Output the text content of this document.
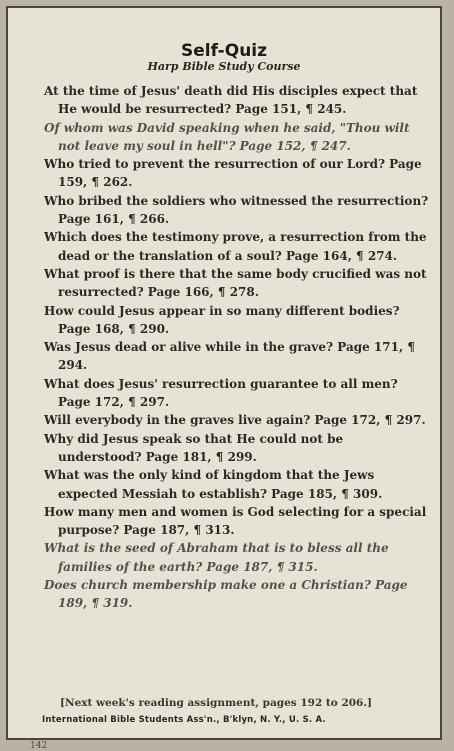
Self-Quiz
Harp Bible Study Course

At the time of Jesus' death did His disciples expect that He would be resurrected? Page 151, ¶ 245.

Of whom was David speaking when he said, "Thou wilt not leave my soul in hell"? Page 152, ¶ 247.

Who tried to prevent the resurrection of our Lord? Page 159, ¶ 262.

Who bribed the soldiers who witnessed the resurrection? Page 161, ¶ 266.

Which does the testimony prove, a resurrection from the dead or the translation of a soul? Page 164, ¶ 274.

What proof is there that the same body crucified was not resurrected? Page 166, ¶ 278.

How could Jesus appear in so many different bodies? Page 168, ¶ 290.

Was Jesus dead or alive while in the grave? Page 171, ¶ 294.

What does Jesus' resurrection guarantee to all men? Page 172, ¶ 297.

Will everybody in the graves live again? Page 172, ¶ 297.

Why did Jesus speak so that He could not be understood? Page 181, ¶ 299.

What was the only kind of kingdom that the Jews expected Messiah to establish? Page 185, ¶ 309.

How many men and women is God selecting for a special purpose? Page 187, ¶ 313.

What is the seed of Abraham that is to bless all the families of the earth? Page 187, ¶ 315.

Does church membership make one a Christian? Page 189, ¶ 319.

[Next week's reading assignment, pages 192 to 206.]
International Bible Students Ass'n., B'klyn, N. Y., U. S. A.
142
